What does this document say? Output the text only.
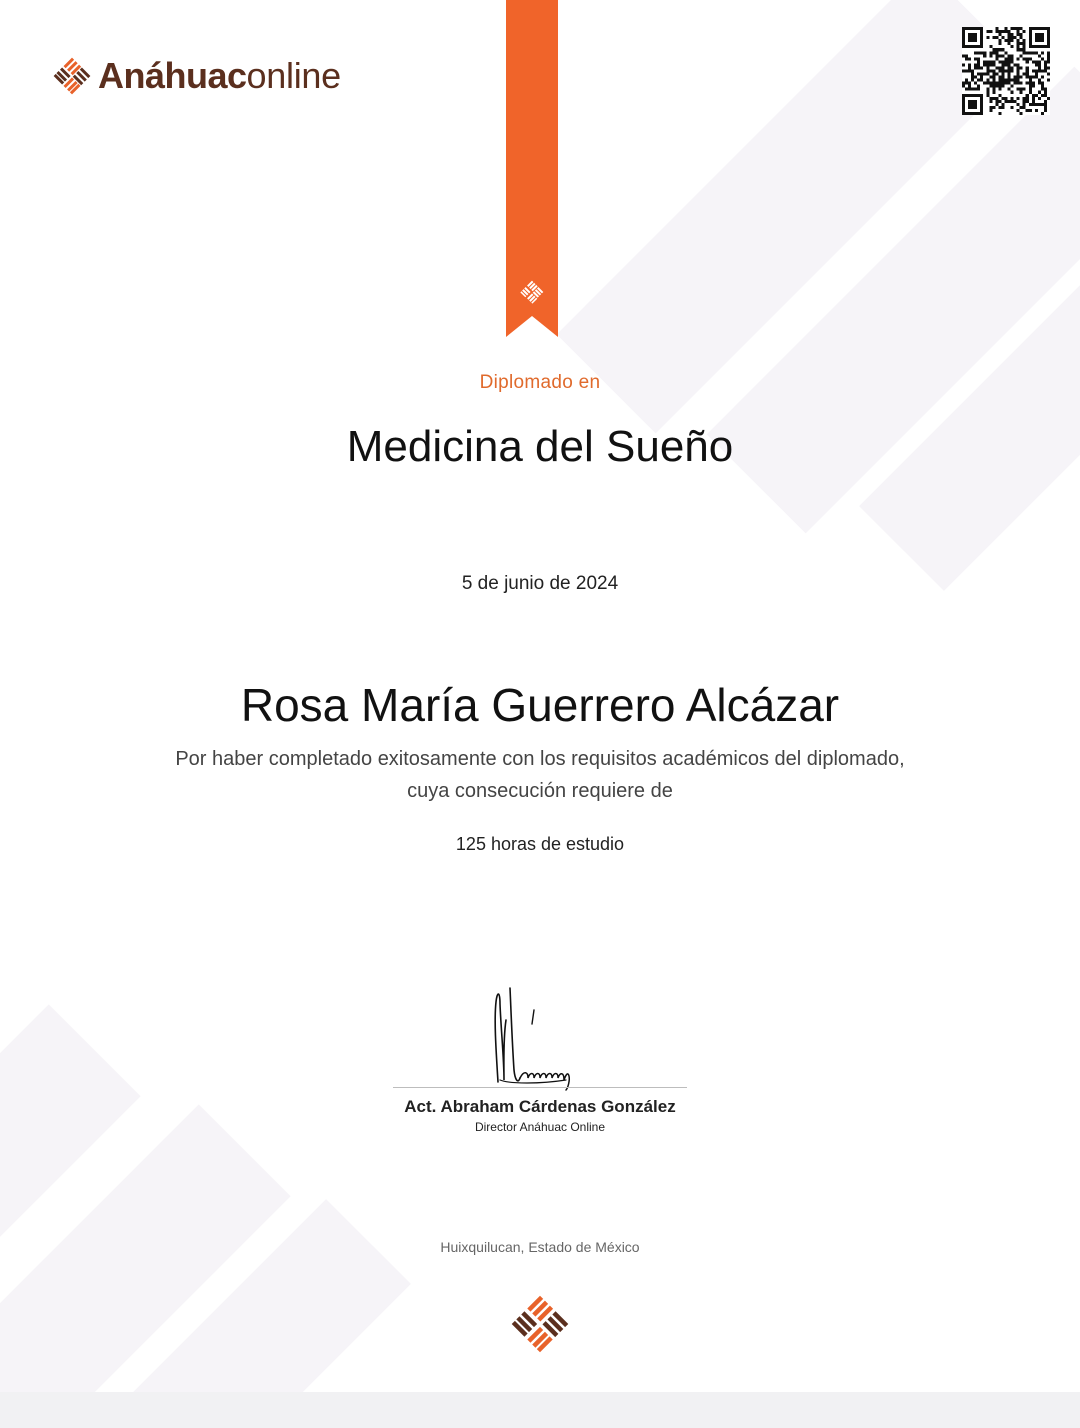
Anáhuaconline
Diplomado en
Medicina del Sueño
5 de junio de 2024
Rosa María Guerrero Alcázar
Por haber completado exitosamente con los requisitos académicos del diplomado,
cuya consecución requiere de
125 horas de estudio
Act. Abraham Cárdenas González
Director Anáhuac Online
Huixquilucan, Estado de México
